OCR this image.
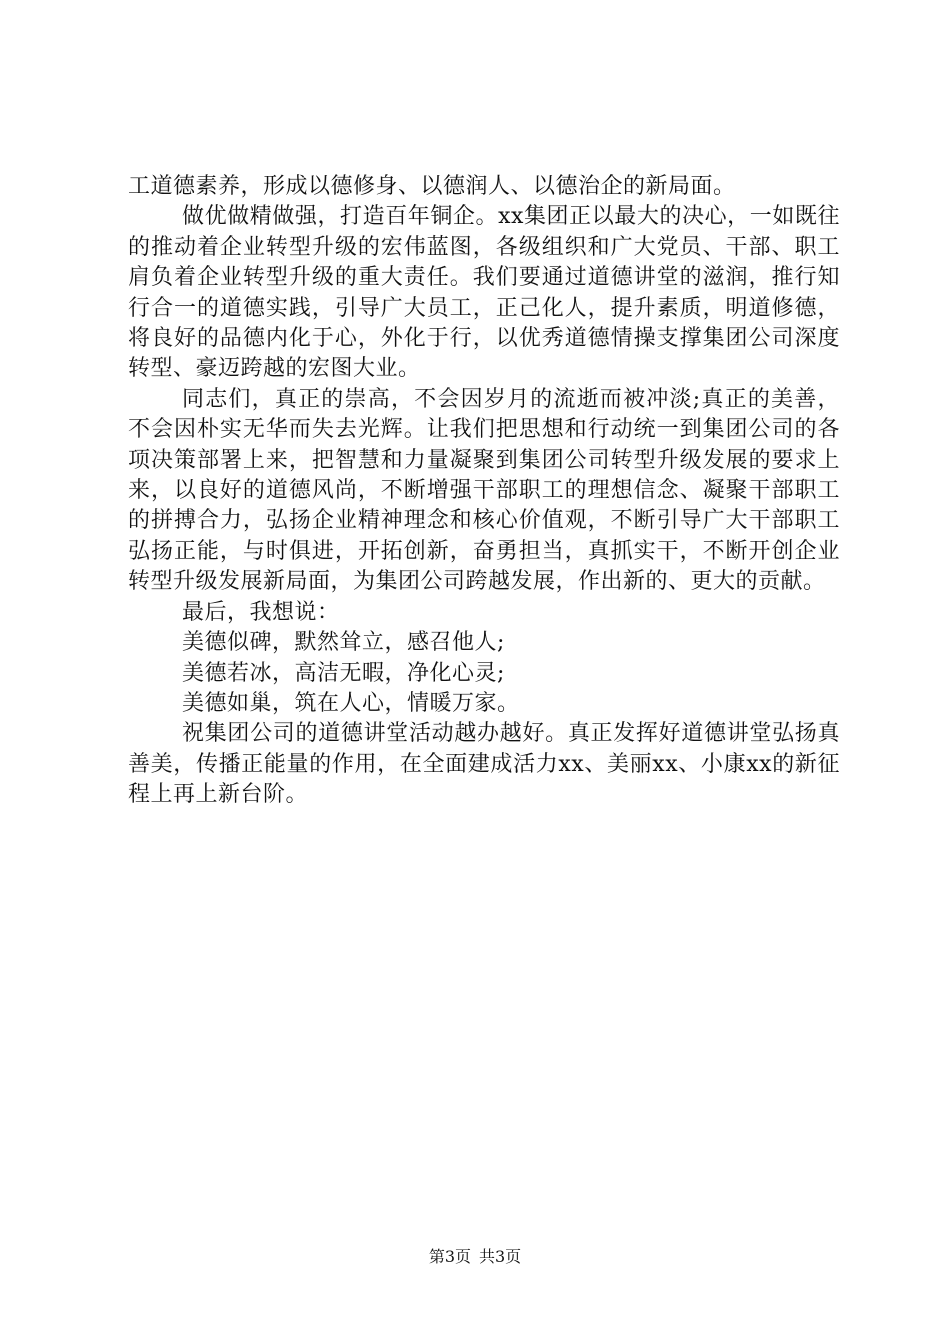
工道德素养，形成以德修身、以德润人、以德治企的新局面。

做优做精做强，打造百年铜企。xx集团正以最大的决心，一如既往的推动着企业转型升级的宏伟蓝图，各级组织和广大党员、干部、职工肩负着企业转型升级的重大责任。我们要通过道德讲堂的滋润，推行知行合一的道德实践，引导广大员工，正己化人，提升素质，明道修德，将良好的品德内化于心，外化于行，以优秀道德情操支撑集团公司深度转型、豪迈跨越的宏图大业。

同志们，真正的崇高，不会因岁月的流逝而被冲淡;真正的美善，不会因朴实无华而失去光辉。让我们把思想和行动统一到集团公司的各项决策部署上来，把智慧和力量凝聚到集团公司转型升级发展的要求上来，以良好的道德风尚，不断增强干部职工的理想信念、凝聚干部职工的拼搏合力，弘扬企业精神理念和核心价值观，不断引导广大干部职工弘扬正能，与时俱进，开拓创新，奋勇担当，真抓实干，不断开创企业转型升级发展新局面，为集团公司跨越发展，作出新的、更大的贡献。

最后，我想说：

美德似碑，默然耸立，感召他人;

美德若冰，高洁无暇，净化心灵;

美德如巢，筑在人心，情暖万家。

祝集团公司的道德讲堂活动越办越好。真正发挥好道德讲堂弘扬真善美，传播正能量的作用，在全面建成活力xx、美丽xx、小康xx的新征程上再上新台阶。

第3页 共3页
